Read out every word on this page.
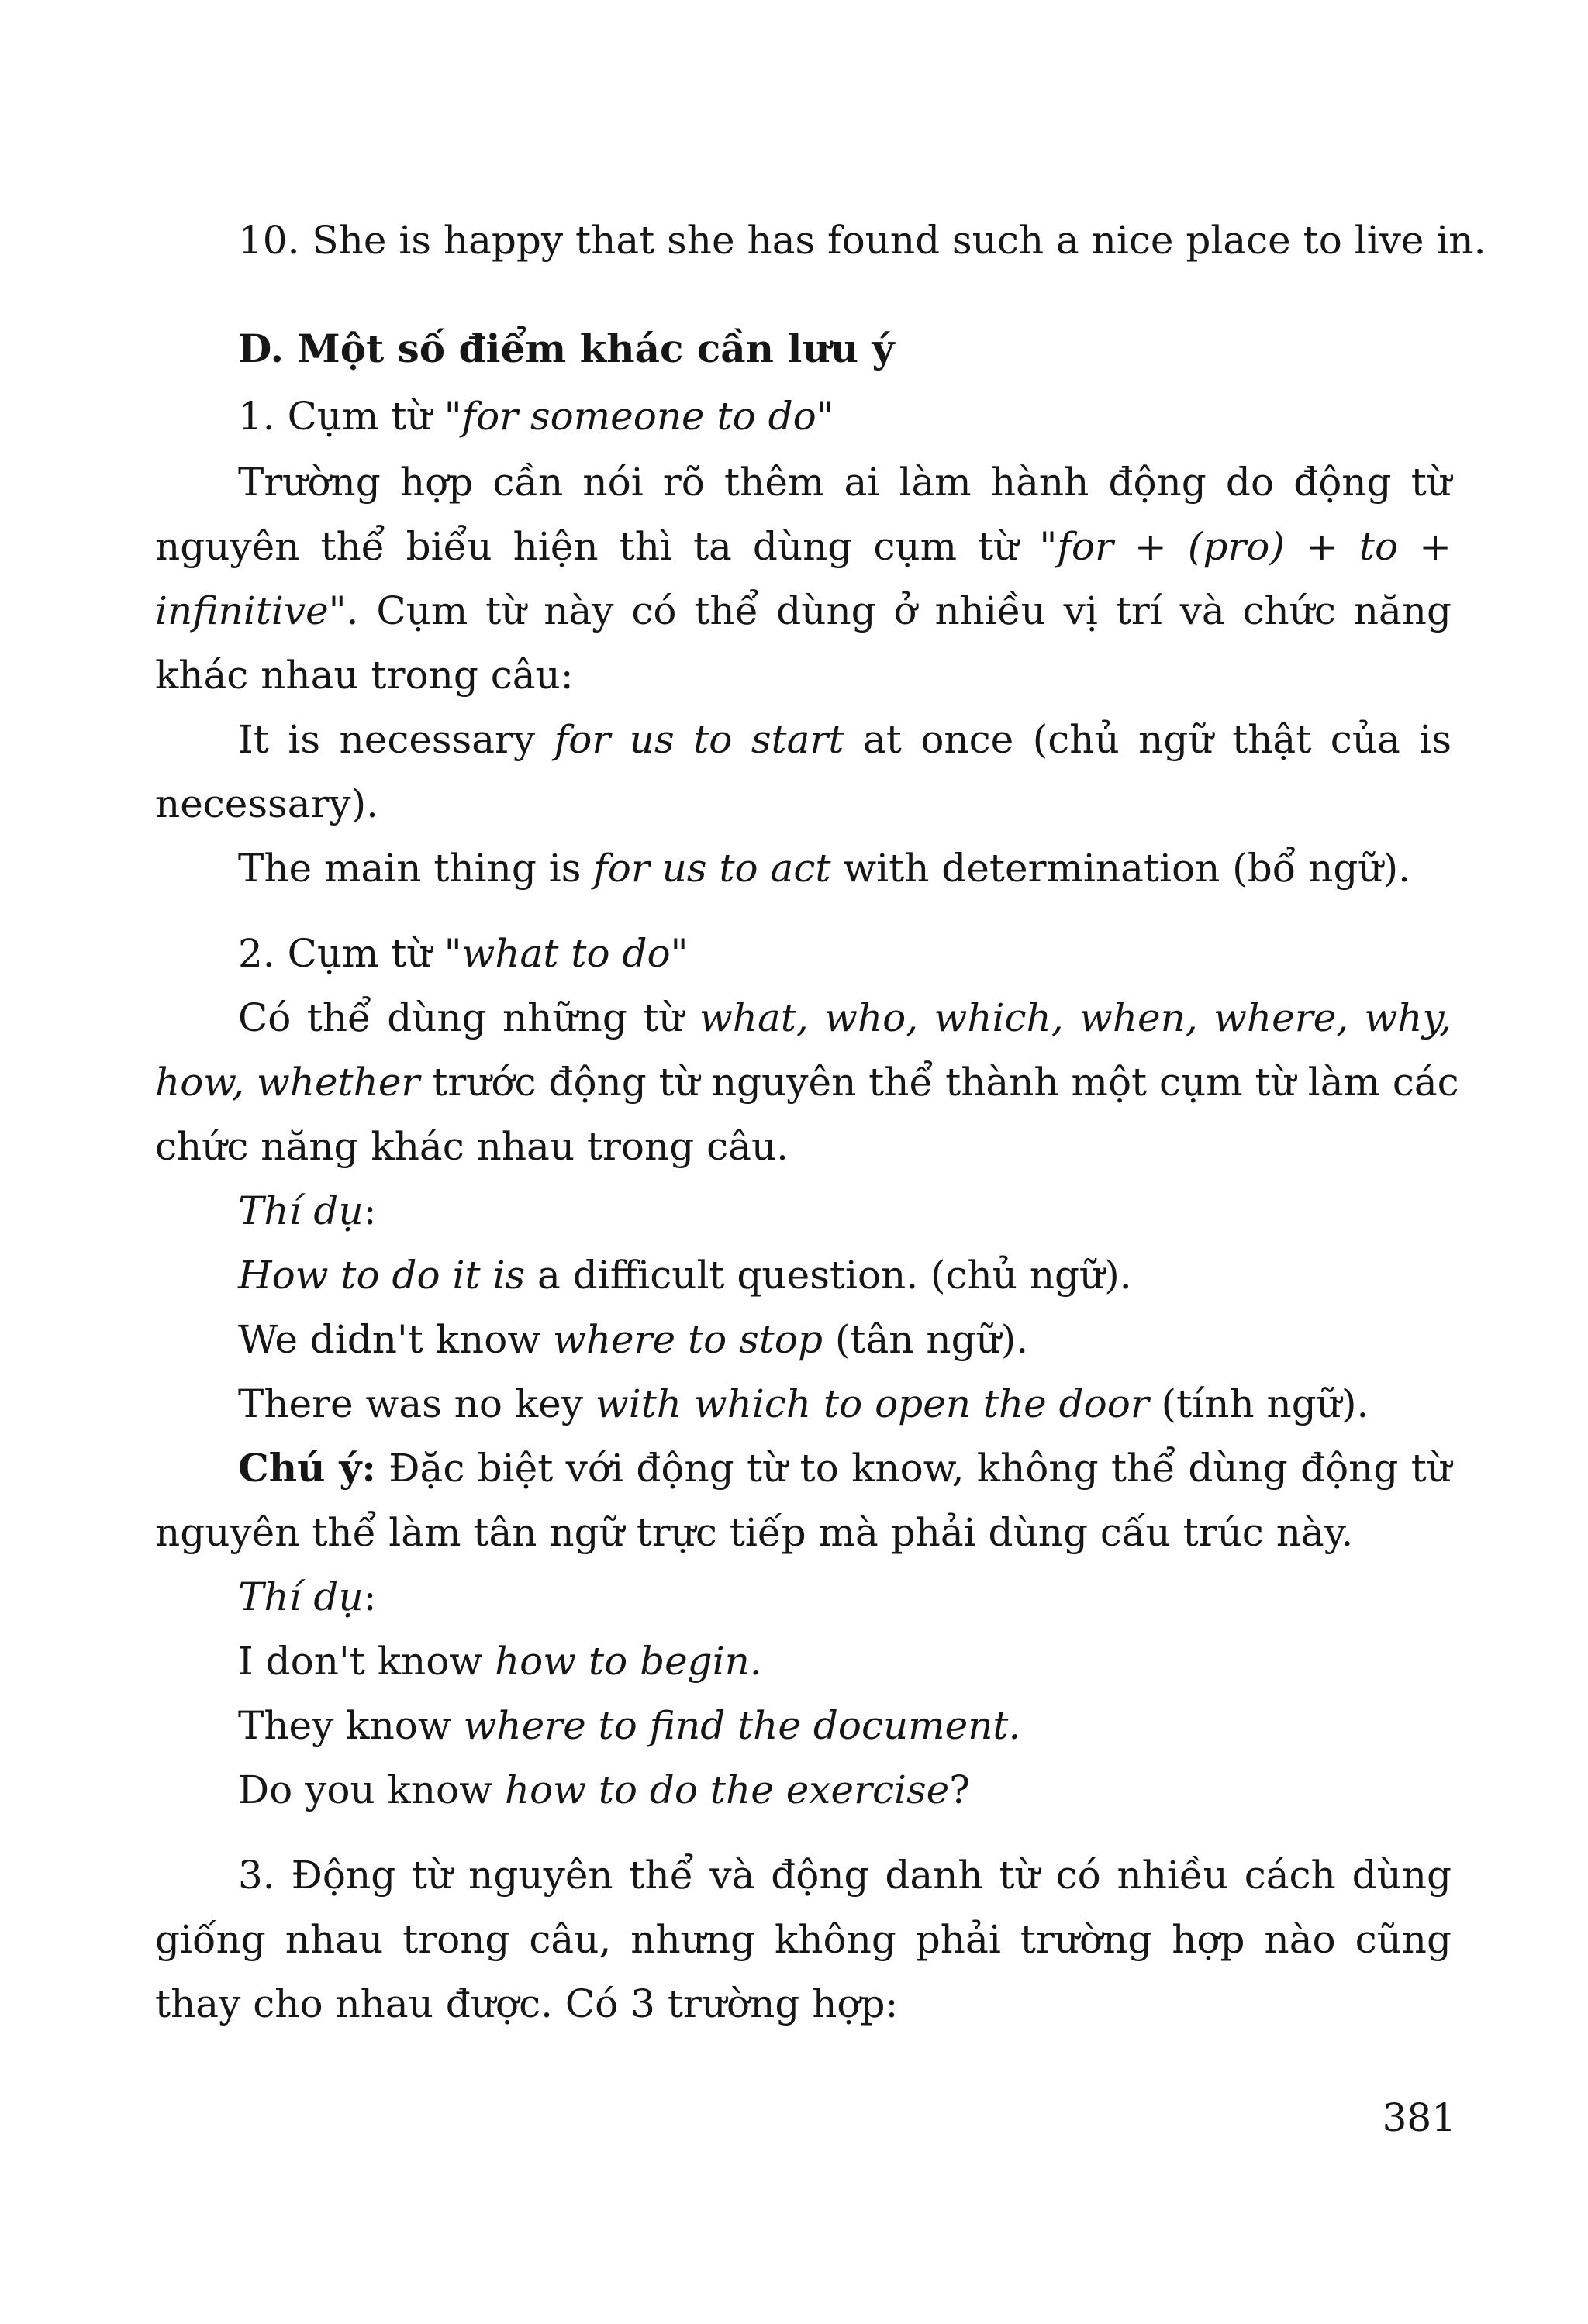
10. She is happy that she has found such a nice place to live in.

D. Một số điểm khác cần lưu ý

1. Cụm từ "for someone to do"

Trường hợp cần nói rõ thêm ai làm hành động do động từ

nguyên thể biểu hiện thì ta dùng cụm từ "for + (pro) + to +

infinitive". Cụm từ này có thể dùng ở nhiều vị trí và chức năng

khác nhau trong câu:

It is necessary for us to start at once (chủ ngữ thật của is

necessary).

The main thing is for us to act with determination (bổ ngữ).

2. Cụm từ "what to do"

Có thể dùng những từ what, who, which, when, where, why,

how, whether trước động từ nguyên thể thành một cụm từ làm các

chức năng khác nhau trong câu.

Thí dụ:

How to do it is a difficult question. (chủ ngữ).

We didn't know where to stop (tân ngữ).

There was no key with which to open the door (tính ngữ).

Chú ý: Đặc biệt với động từ to know, không thể dùng động từ

nguyên thể làm tân ngữ trực tiếp mà phải dùng cấu trúc này.

Thí dụ:

I don't know how to begin.

They know where to find the document.

Do you know how to do the exercise?

3. Động từ nguyên thể và động danh từ có nhiều cách dùng

giống nhau trong câu, nhưng không phải trường hợp nào cũng

thay cho nhau được. Có 3 trường hợp:

381
